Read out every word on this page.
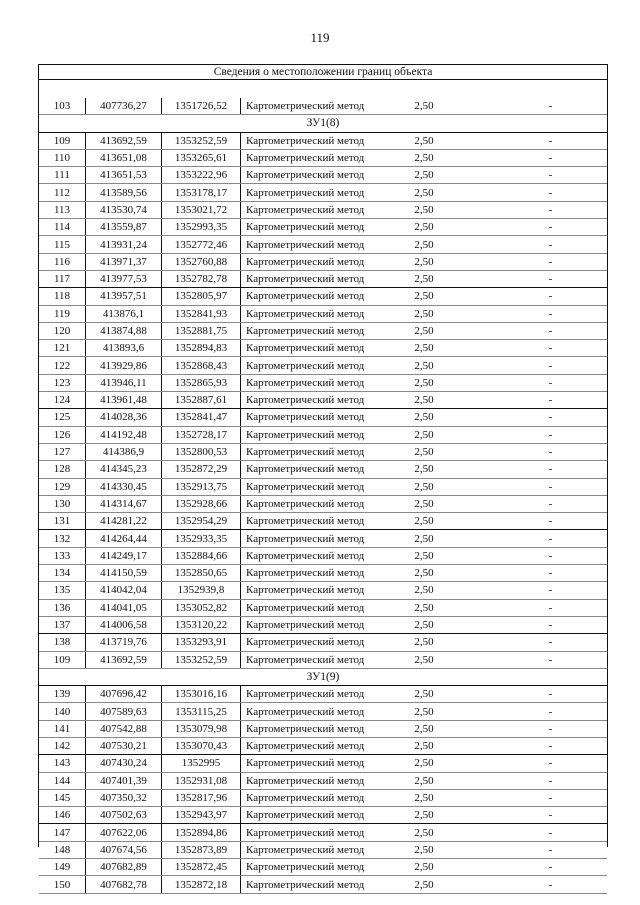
119
Сведения о местоположении границ объекта
103	407736,27	1351726,52	Картометрический метод	2,50	-
ЗУ1(8)					
109	413692,59	1353252,59	Картометрический метод	2,50	-
110	413651,08	1353265,61	Картометрический метод	2,50	-
111	413651,53	1353222,96	Картометрический метод	2,50	-
112	413589,56	1353178,17	Картометрический метод	2,50	-
113	413530,74	1353021,72	Картометрический метод	2,50	-
114	413559,87	1352993,35	Картометрический метод	2,50	-
115	413931,24	1352772,46	Картометрический метод	2,50	-
116	413971,37	1352760,88	Картометрический метод	2,50	-
117	413977,53	1352782,78	Картометрический метод	2,50	-
118	413957,51	1352805,97	Картометрический метод	2,50	-
119	413876,1	1352841,93	Картометрический метод	2,50	-
120	413874,88	1352881,75	Картометрический метод	2,50	-
121	413893,6	1352894,83	Картометрический метод	2,50	-
122	413929,86	1352868,43	Картометрический метод	2,50	-
123	413946,11	1352865,93	Картометрический метод	2,50	-
124	413961,48	1352887,61	Картометрический метод	2,50	-
125	414028,36	1352841,47	Картометрический метод	2,50	-
126	414192,48	1352728,17	Картометрический метод	2,50	-
127	414386,9	1352800,53	Картометрический метод	2,50	-
128	414345,23	1352872,29	Картометрический метод	2,50	-
129	414330,45	1352913,75	Картометрический метод	2,50	-
130	414314,67	1352928,66	Картометрический метод	2,50	-
131	414281,22	1352954,29	Картометрический метод	2,50	-
132	414264,44	1352933,35	Картометрический метод	2,50	-
133	414249,17	1352884,66	Картометрический метод	2,50	-
134	414150,59	1352850,65	Картометрический метод	2,50	-
135	414042,04	1352939,8	Картометрический метод	2,50	-
136	414041,05	1353052,82	Картометрический метод	2,50	-
137	414006,58	1353120,22	Картометрический метод	2,50	-
138	413719,76	1353293,91	Картометрический метод	2,50	-
109	413692,59	1353252,59	Картометрический метод	2,50	-
ЗУ1(9)					
139	407696,42	1353016,16	Картометрический метод	2,50	-
140	407589,63	1353115,25	Картометрический метод	2,50	-
141	407542,88	1353079,98	Картометрический метод	2,50	-
142	407530,21	1353070,43	Картометрический метод	2,50	-
143	407430,24	1352995	Картометрический метод	2,50	-
144	407401,39	1352931,08	Картометрический метод	2,50	-
145	407350,32	1352817,96	Картометрический метод	2,50	-
146	407502,63	1352943,97	Картометрический метод	2,50	-
147	407622,06	1352894,86	Картометрический метод	2,50	-
148	407674,56	1352873,89	Картометрический метод	2,50	-
149	407682,89	1352872,45	Картометрический метод	2,50	-
150	407682,78	1352872,18	Картометрический метод	2,50	-
